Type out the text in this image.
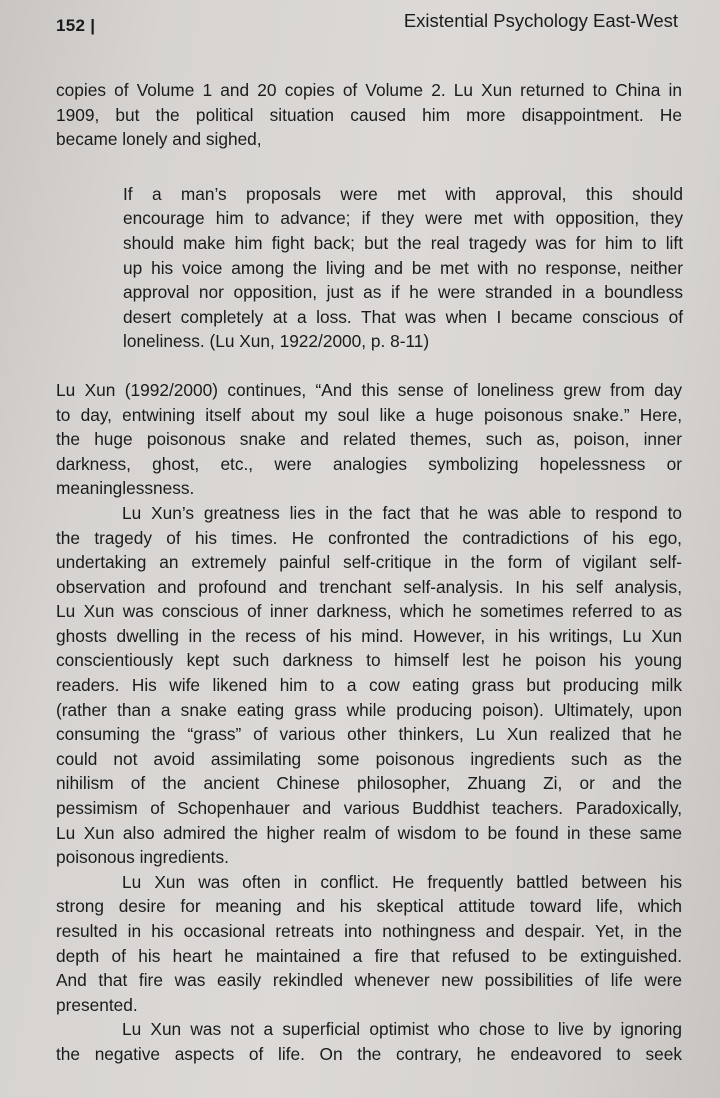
152 |	Existential Psychology East-West
copies of Volume 1 and 20 copies of Volume 2. Lu Xun returned to China in
1909, but the political situation caused him more disappointment. He
became lonely and sighed,
If a man’s proposals were met with approval, this should
encourage him to advance; if they were met with opposition, they
should make him fight back; but the real tragedy was for him to lift
up his voice among the living and be met with no response, neither
approval nor opposition, just as if he were stranded in a boundless
desert completely at a loss. That was when I became conscious of
loneliness. (Lu Xun, 1922/2000, p. 8-11)
Lu Xun (1992/2000) continues, “And this sense of loneliness grew from day
to day, entwining itself about my soul like a huge poisonous snake.” Here,
the huge poisonous snake and related themes, such as, poison, inner
darkness, ghost, etc., were analogies symbolizing hopelessness or
meaninglessness.
Lu Xun’s greatness lies in the fact that he was able to respond to
the tragedy of his times. He confronted the contradictions of his ego,
undertaking an extremely painful self-critique in the form of vigilant self-
observation and profound and trenchant self-analysis. In his self analysis,
Lu Xun was conscious of inner darkness, which he sometimes referred to as
ghosts dwelling in the recess of his mind. However, in his writings, Lu Xun
conscientiously kept such darkness to himself lest he poison his young
readers. His wife likened him to a cow eating grass but producing milk
(rather than a snake eating grass while producing poison). Ultimately, upon
consuming the “grass” of various other thinkers, Lu Xun realized that he
could not avoid assimilating some poisonous ingredients such as the
nihilism of the ancient Chinese philosopher, Zhuang Zi, or and the
pessimism of Schopenhauer and various Buddhist teachers. Paradoxically,
Lu Xun also admired the higher realm of wisdom to be found in these same
poisonous ingredients.
Lu Xun was often in conflict. He frequently battled between his
strong desire for meaning and his skeptical attitude toward life, which
resulted in his occasional retreats into nothingness and despair. Yet, in the
depth of his heart he maintained a fire that refused to be extinguished.
And that fire was easily rekindled whenever new possibilities of life were
presented.
Lu Xun was not a superficial optimist who chose to live by ignoring
the negative aspects of life. On the contrary, he endeavored to seek
